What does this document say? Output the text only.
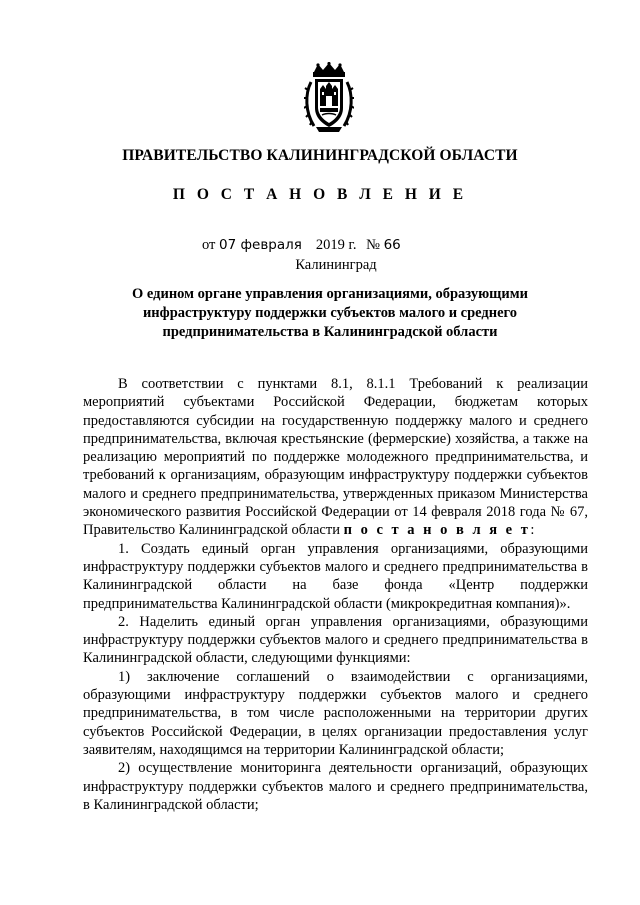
ПРАВИТЕЛЬСТВО КАЛИНИНГРАДСКОЙ ОБЛАСТИ
П О С Т А Н О В Л Е Н И Е
от 07 февраля 2019 г. № 66
Калининград
О едином органе управления организациями, образующими
инфраструктуру поддержки субъектов малого и среднего
предпринимательства в Калининградской области

В соответствии с пунктами 8.1, 8.1.1 Требований к реализации мероприятий субъектами Российской Федерации, бюджетам которых предоставляются субсидии на государственную поддержку малого и среднего предпринимательства, включая крестьянские (фермерские) хозяйства, а также на реализацию мероприятий по поддержке молодежного предпринимательства, и требований к организациям, образующим инфраструктуру поддержки субъектов малого и среднего предпринимательства, утвержденных приказом Министерства экономического развития Российской Федерации от 14 февраля 2018 года № 67, Правительство Калининградской области п о с т а н о в л я е т:

1. Создать единый орган управления организациями, образующими инфраструктуру поддержки субъектов малого и среднего предпринимательства в Калининградской области на базе фонда «Центр поддержки предпринимательства Калининградской области (микрокредитная компания)».

2. Наделить единый орган управления организациями, образующими инфраструктуру поддержки субъектов малого и среднего предпринимательства в Калининградской области, следующими функциями:

1) заключение соглашений о взаимодействии с организациями, образующими инфраструктуру поддержки субъектов малого и среднего предпринимательства, в том числе расположенными на территории других субъектов Российской Федерации, в целях организации предоставления услуг заявителям, находящимся на территории Калининградской области;

2) осуществление мониторинга деятельности организаций, образующих инфраструктуру поддержки субъектов малого и среднего предпринимательства, в Калининградской области;
